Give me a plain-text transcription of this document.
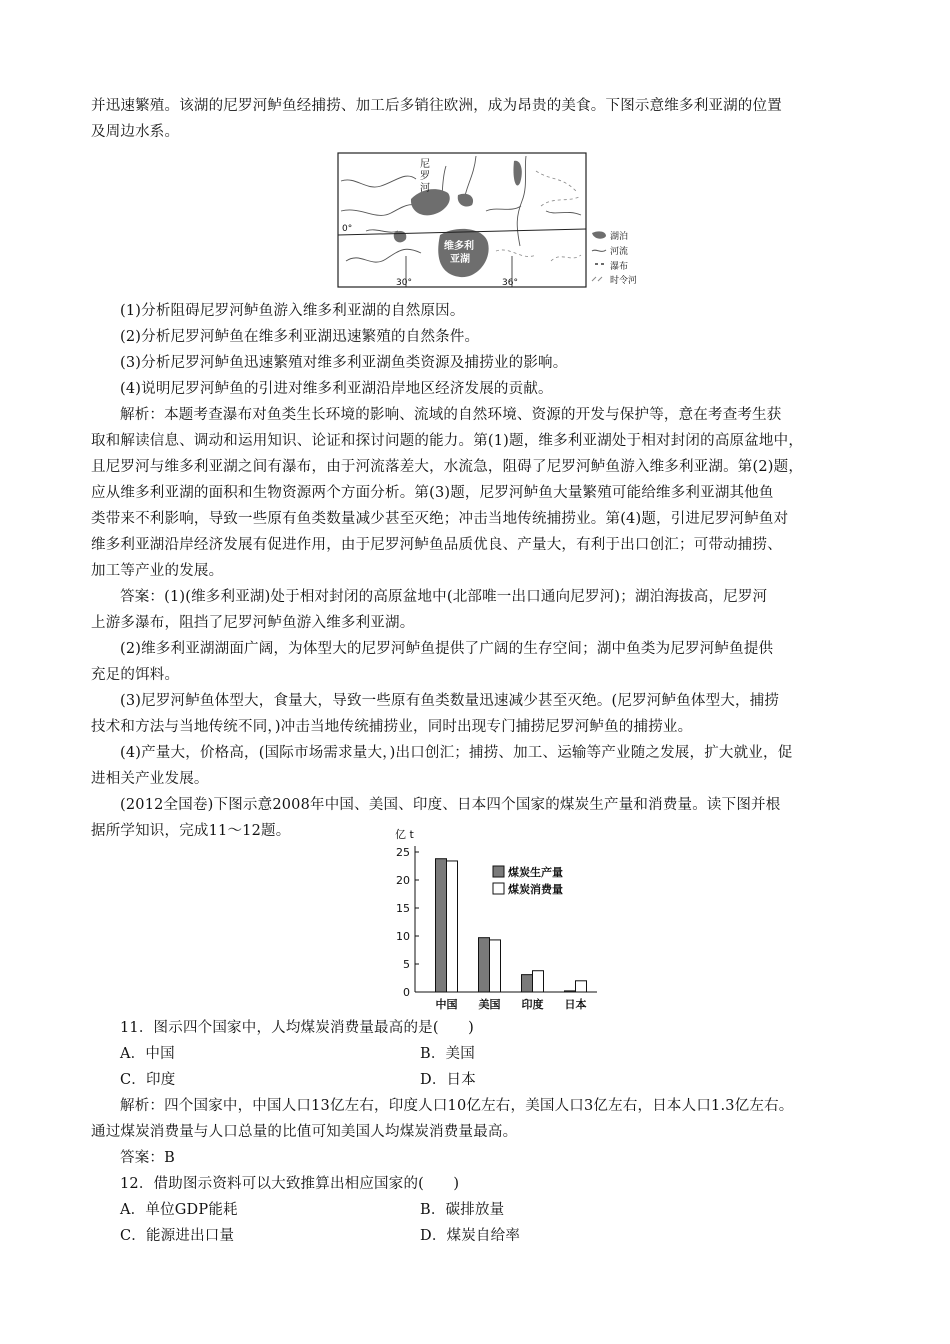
并迅速繁殖。该湖的尼罗河鲈鱼经捕捞、加工后多销往欧洲，成为昂贵的美食。下图示意维多利亚湖的位置
及周边水系。
尼
罗
河
维多利
亚湖
0°
30°	36°
湖泊
河流
瀑布
时令河
(1)分析阻碍尼罗河鲈鱼游入维多利亚湖的自然原因。
(2)分析尼罗河鲈鱼在维多利亚湖迅速繁殖的自然条件。
(3)分析尼罗河鲈鱼迅速繁殖对维多利亚湖鱼类资源及捕捞业的影响。
(4)说明尼罗河鲈鱼的引进对维多利亚湖沿岸地区经济发展的贡献。
解析：本题考查瀑布对鱼类生长环境的影响、流域的自然环境、资源的开发与保护等，意在考查考生获
取和解读信息、调动和运用知识、论证和探讨问题的能力。第(1)题，维多利亚湖处于相对封闭的高原盆地中，
且尼罗河与维多利亚湖之间有瀑布，由于河流落差大，水流急，阻碍了尼罗河鲈鱼游入维多利亚湖。第(2)题，
应从维多利亚湖的面积和生物资源两个方面分析。第(3)题，尼罗河鲈鱼大量繁殖可能给维多利亚湖其他鱼
类带来不利影响，导致一些原有鱼类数量减少甚至灭绝；冲击当地传统捕捞业。第(4)题，引进尼罗河鲈鱼对
维多利亚湖沿岸经济发展有促进作用，由于尼罗河鲈鱼品质优良、产量大，有利于出口创汇；可带动捕捞、
加工等产业的发展。
答案：(1)(维多利亚湖)处于相对封闭的高原盆地中(北部唯一出口通向尼罗河)；湖泊海拔高，尼罗河
上游多瀑布，阻挡了尼罗河鲈鱼游入维多利亚湖。
(2)维多利亚湖湖面广阔，为体型大的尼罗河鲈鱼提供了广阔的生存空间；湖中鱼类为尼罗河鲈鱼提供
充足的饵料。
(3)尼罗河鲈鱼体型大，食量大，导致一些原有鱼类数量迅速减少甚至灭绝。(尼罗河鲈鱼体型大，捕捞
技术和方法与当地传统不同，)冲击当地传统捕捞业，同时出现专门捕捞尼罗河鲈鱼的捕捞业。
(4)产量大，价格高，(国际市场需求量大，)出口创汇；捕捞、加工、运输等产业随之发展，扩大就业，促
进相关产业发展。
(2012全国卷)下图示意2008年中国、美国、印度、日本四个国家的煤炭生产量和消费量。读下图并根
据所学知识，完成11～12题。	亿 t
0
5
10
15
20
25
中国 美国 印度 日本
煤炭生产量
煤炭消费量
11．图示四个国家中，人均煤炭消费量最高的是(　　)
A．中国	B．美国
C．印度	D．日本
解析：四个国家中，中国人口13亿左右，印度人口10亿左右，美国人口3亿左右，日本人口1.3亿左右。
通过煤炭消费量与人口总量的比值可知美国人均煤炭消费量最高。
答案：B
12．借助图示资料可以大致推算出相应国家的(　　)
A．单位GDP能耗	B．碳排放量
C．能源进出口量	D．煤炭自给率
